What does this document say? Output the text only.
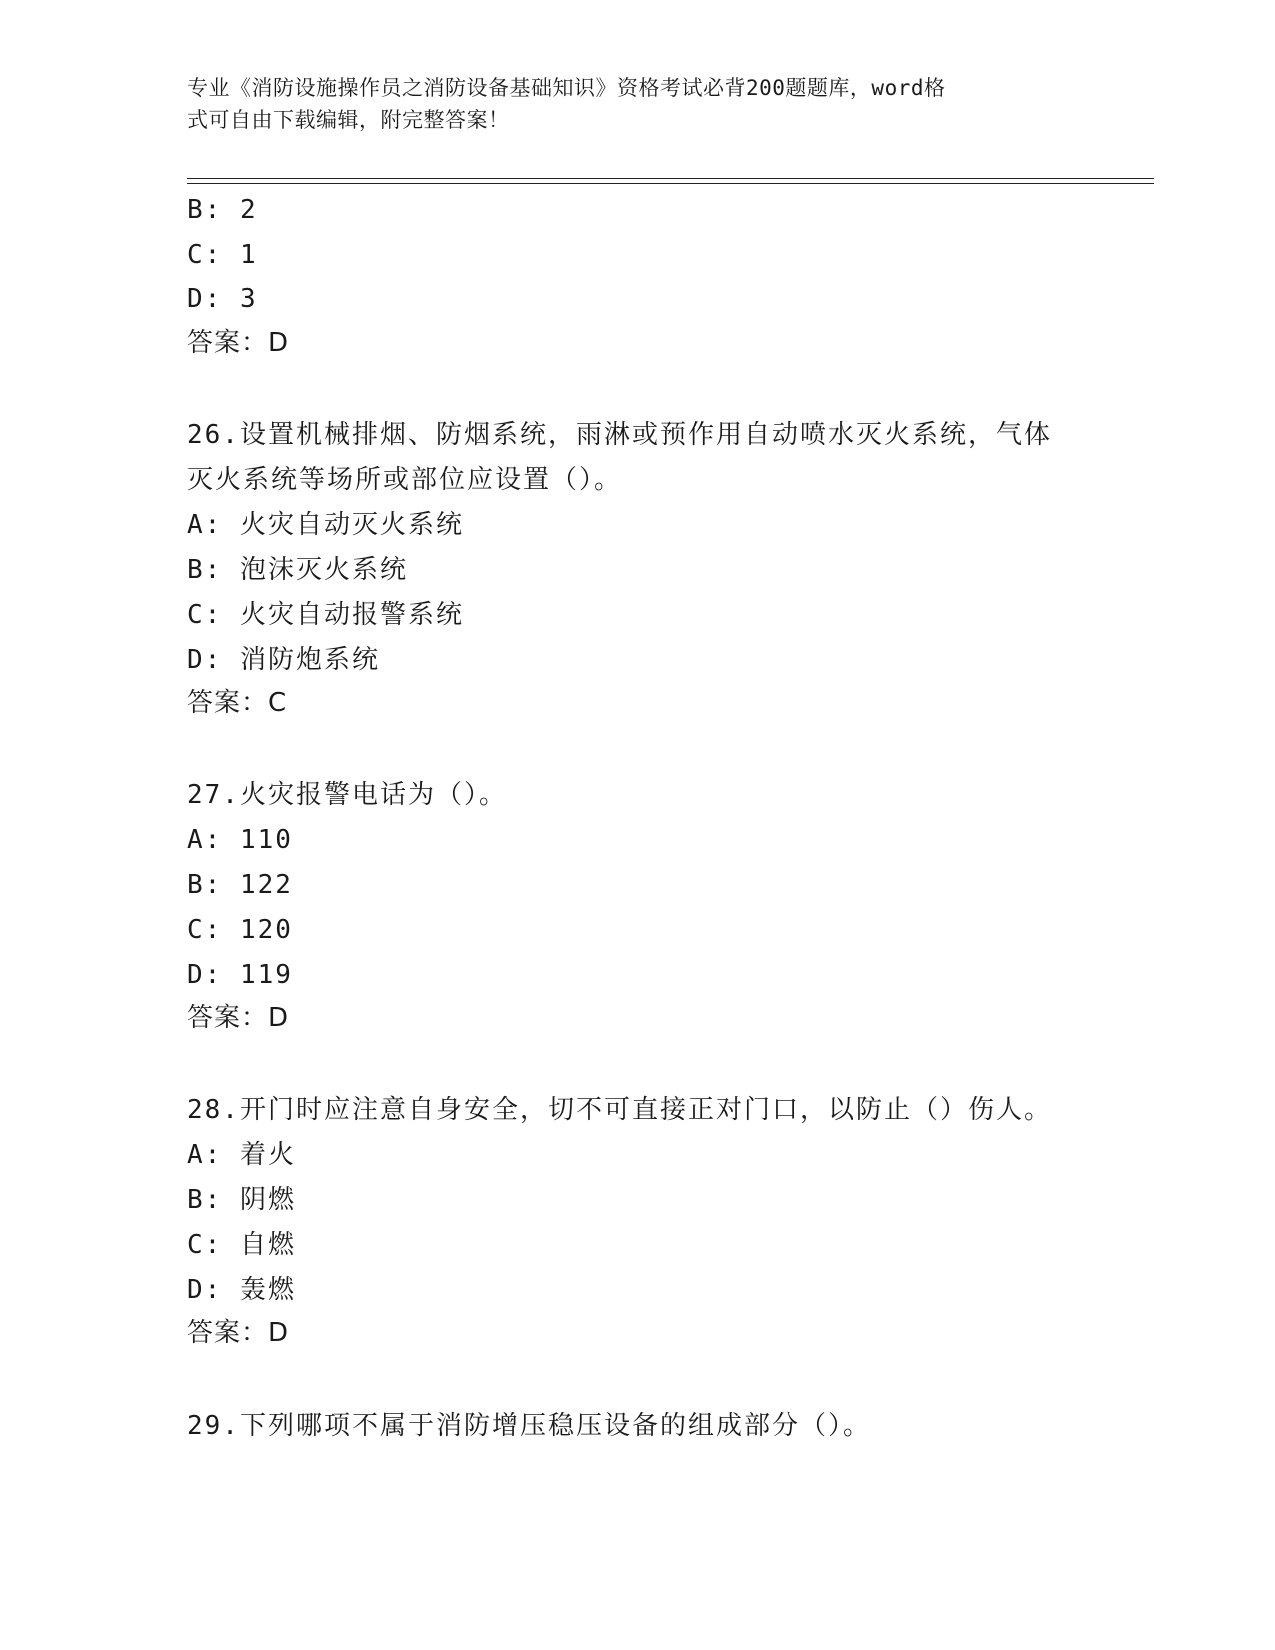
专业《消防设施操作员之消防设备基础知识》资格考试必背200题题库，word格
式可自由下载编辑，附完整答案！
B: 2
C: 1
D: 3
答案：D
26.设置机械排烟、防烟系统，雨淋或预作用自动喷水灭火系统，气体
灭火系统等场所或部位应设置（）。
A: 火灾自动灭火系统
B: 泡沫灭火系统
C: 火灾自动报警系统
D: 消防炮系统
答案：C
27.火灾报警电话为（）。
A: 110
B: 122
C: 120
D: 119
答案：D
28.开门时应注意自身安全，切不可直接正对门口，以防止（）伤人。
A: 着火
B: 阴燃
C: 自燃
D: 轰燃
答案：D
29.下列哪项不属于消防增压稳压设备的组成部分（）。
